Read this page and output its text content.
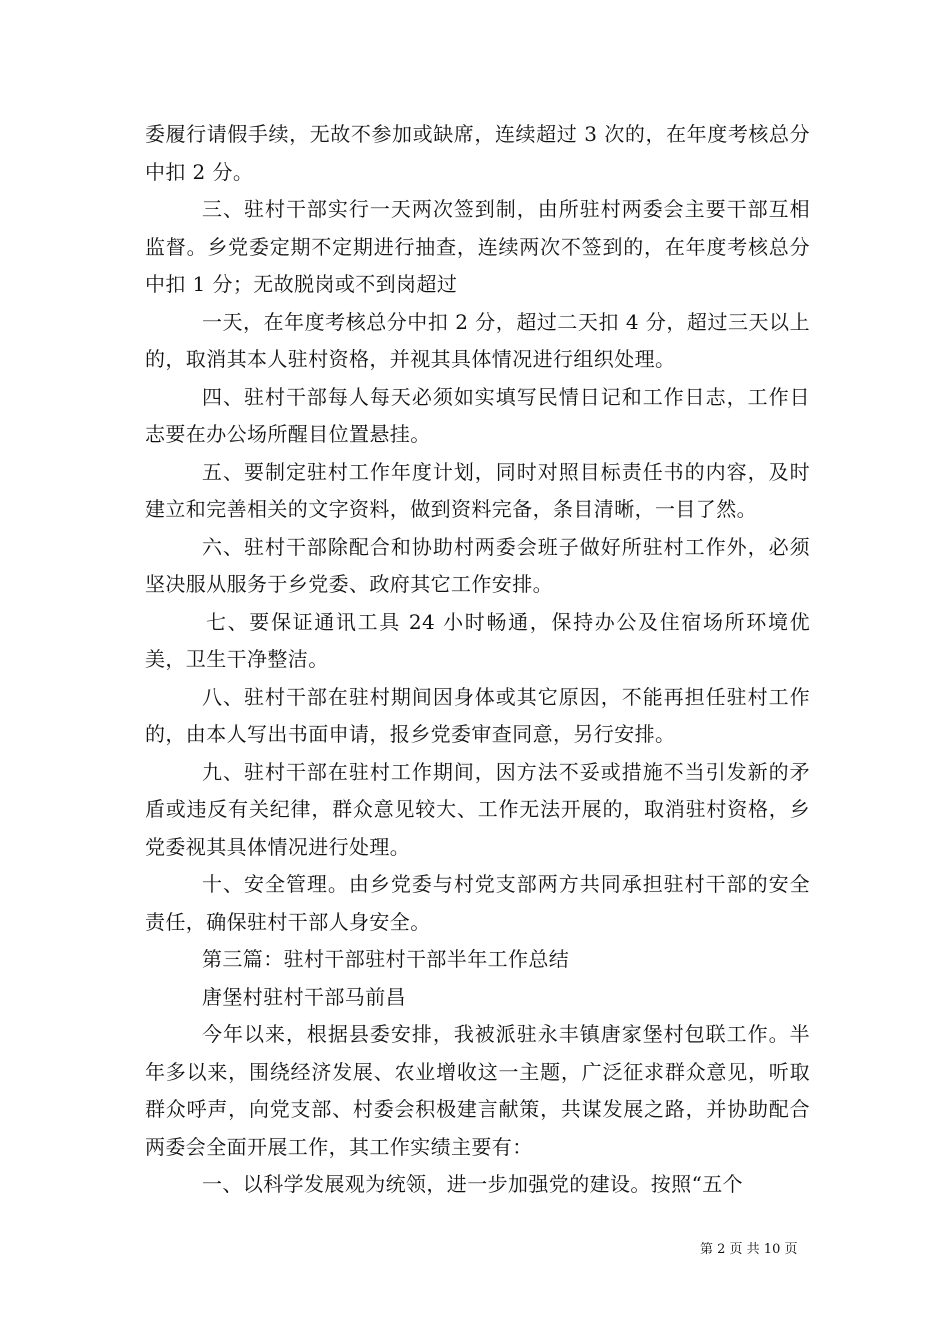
委履行请假手续，无故不参加或缺席，连续超过 3 次的，在年度考核总分中扣 2 分。

三、驻村干部实行一天两次签到制，由所驻村两委会主要干部互相监督。乡党委定期不定期进行抽查，连续两次不签到的，在年度考核总分中扣 1 分；无故脱岗或不到岗超过

一天，在年度考核总分中扣 2 分，超过二天扣 4 分，超过三天以上的，取消其本人驻村资格，并视其具体情况进行组织处理。

四、驻村干部每人每天必须如实填写民情日记和工作日志，工作日志要在办公场所醒目位置悬挂。

五、要制定驻村工作年度计划，同时对照目标责任书的内容，及时建立和完善相关的文字资料，做到资料完备，条目清晰，一目了然。

六、驻村干部除配合和协助村两委会班子做好所驻村工作外，必须坚决服从服务于乡党委、政府其它工作安排。

七、要保证通讯工具 24 小时畅通，保持办公及住宿场所环境优美，卫生干净整洁。

八、驻村干部在驻村期间因身体或其它原因，不能再担任驻村工作的，由本人写出书面申请，报乡党委审查同意，另行安排。

九、驻村干部在驻村工作期间，因方法不妥或措施不当引发新的矛盾或违反有关纪律，群众意见较大、工作无法开展的，取消驻村资格，乡党委视其具体情况进行处理。

十、安全管理。由乡党委与村党支部两方共同承担驻村干部的安全责任，确保驻村干部人身安全。

第三篇：驻村干部驻村干部半年工作总结

唐堡村驻村干部马前昌

今年以来，根据县委安排，我被派驻永丰镇唐家堡村包联工作。半年多以来，围绕经济发展、农业增收这一主题，广泛征求群众意见，听取群众呼声，向党支部、村委会积极建言献策，共谋发展之路，并协助配合两委会全面开展工作，其工作实绩主要有：

一、以科学发展观为统领，进一步加强党的建设。按照“五个

第 2 页 共 10 页
